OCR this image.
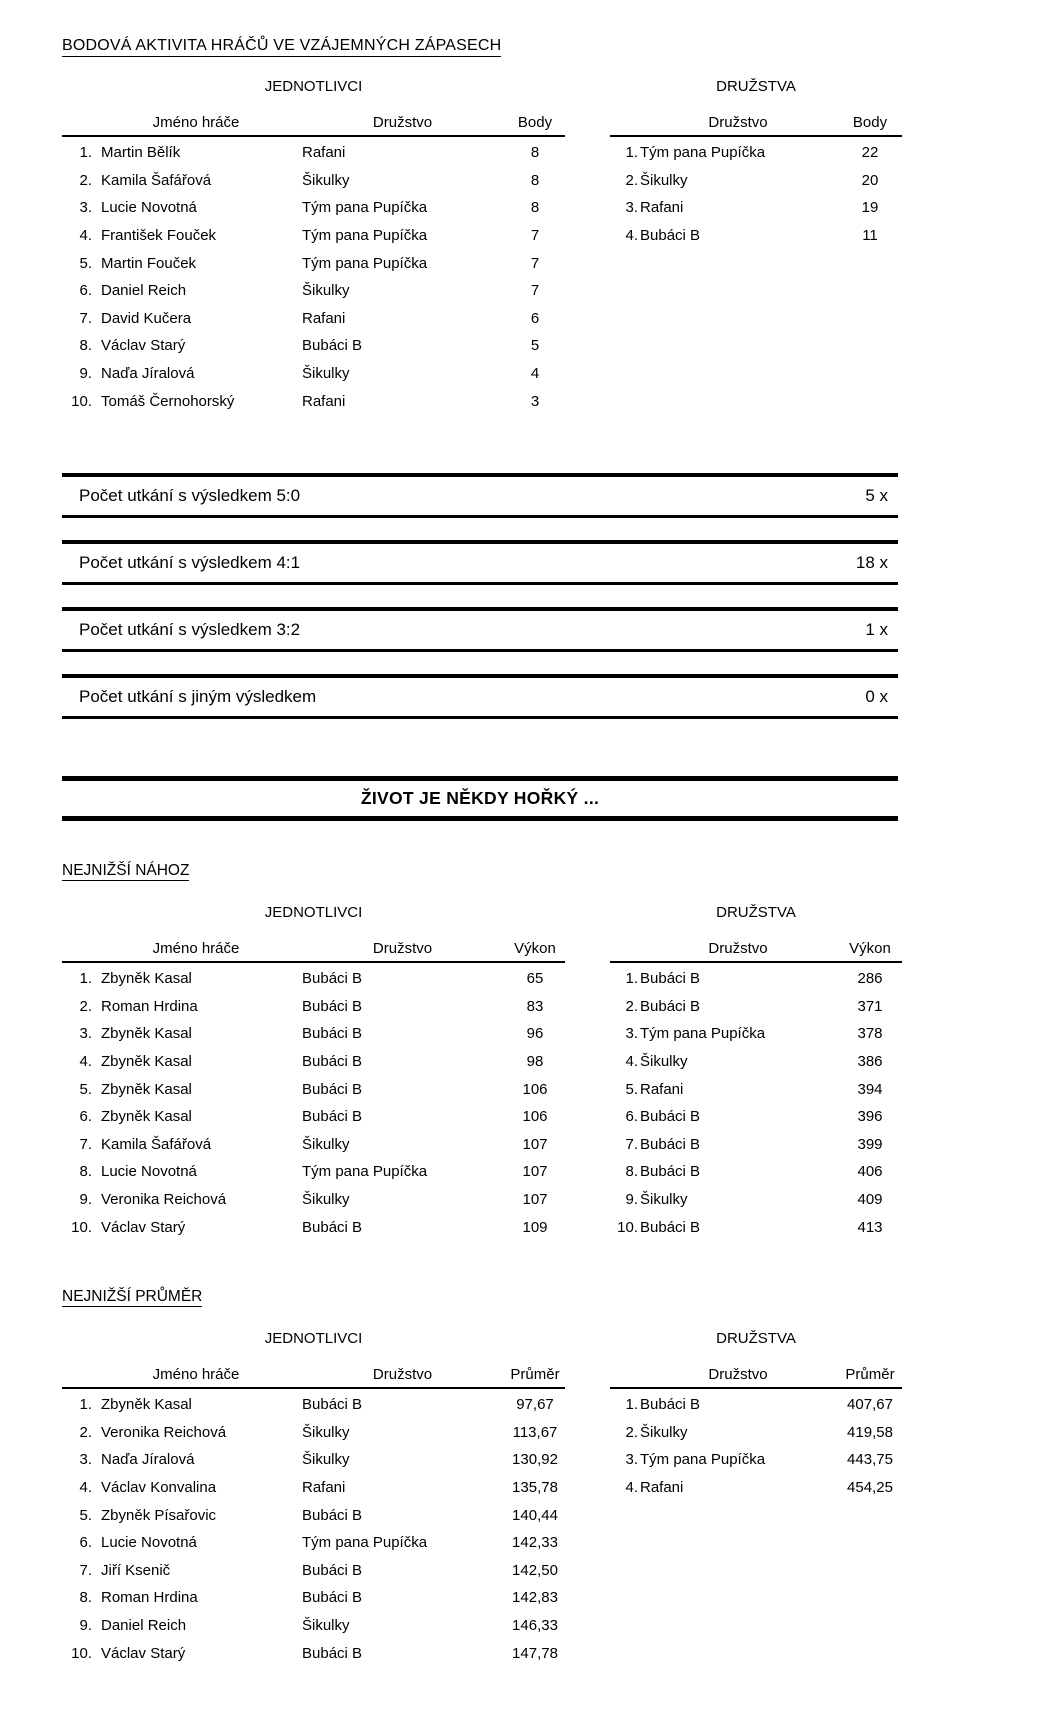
BODOVÁ AKTIVITA HRÁČŮ VE VZÁJEMNÝCH ZÁPASECH
JEDNOTLIVCI
Jméno hráče	Družstvo	Body
1. Martin Bělík	Rafani	8
2. Kamila Šafářová	Šikulky	8
3. Lucie Novotná	Tým pana Pupíčka	8
4. František Fouček	Tým pana Pupíčka	7
5. Martin Fouček	Tým pana Pupíčka	7
6. Daniel Reich	Šikulky	7
7. David Kučera	Rafani	6
8. Václav Starý	Bubáci B	5
9. Naďa Jíralová	Šikulky	4
10. Tomáš Černohorský	Rafani	3
DRUŽSTVA
Družstvo	Body
1. Tým pana Pupíčka	22
2. Šikulky	20
3. Rafani	19
4. Bubáci B	11
Počet utkání s výsledkem 5:0	5 x
Počet utkání s výsledkem 4:1	18 x
Počet utkání s výsledkem 3:2	1 x
Počet utkání s jiným výsledkem	0 x
ŽIVOT JE NĚKDY HOŘKÝ ...
NEJNIŽŠÍ NÁHOZ
JEDNOTLIVCI
Jméno hráče	Družstvo	Výkon
1. Zbyněk Kasal	Bubáci B	65
2. Roman Hrdina	Bubáci B	83
3. Zbyněk Kasal	Bubáci B	96
4. Zbyněk Kasal	Bubáci B	98
5. Zbyněk Kasal	Bubáci B	106
6. Zbyněk Kasal	Bubáci B	106
7. Kamila Šafářová	Šikulky	107
8. Lucie Novotná	Tým pana Pupíčka	107
9. Veronika Reichová	Šikulky	107
10. Václav Starý	Bubáci B	109
DRUŽSTVA
Družstvo	Výkon
1. Bubáci B	286
2. Bubáci B	371
3. Tým pana Pupíčka	378
4. Šikulky	386
5. Rafani	394
6. Bubáci B	396
7. Bubáci B	399
8. Bubáci B	406
9. Šikulky	409
10. Bubáci B	413
NEJNIŽŠÍ PRŮMĚR
JEDNOTLIVCI
Jméno hráče	Družstvo	Průměr
1. Zbyněk Kasal	Bubáci B	97,67
2. Veronika Reichová	Šikulky	113,67
3. Naďa Jíralová	Šikulky	130,92
4. Václav Konvalina	Rafani	135,78
5. Zbyněk Písařovic	Bubáci B	140,44
6. Lucie Novotná	Tým pana Pupíčka	142,33
7. Jiří Ksenič	Bubáci B	142,50
8. Roman Hrdina	Bubáci B	142,83
9. Daniel Reich	Šikulky	146,33
10. Václav Starý	Bubáci B	147,78
DRUŽSTVA
Družstvo	Průměr
1. Bubáci B	407,67
2. Šikulky	419,58
3. Tým pana Pupíčka	443,75
4. Rafani	454,25
